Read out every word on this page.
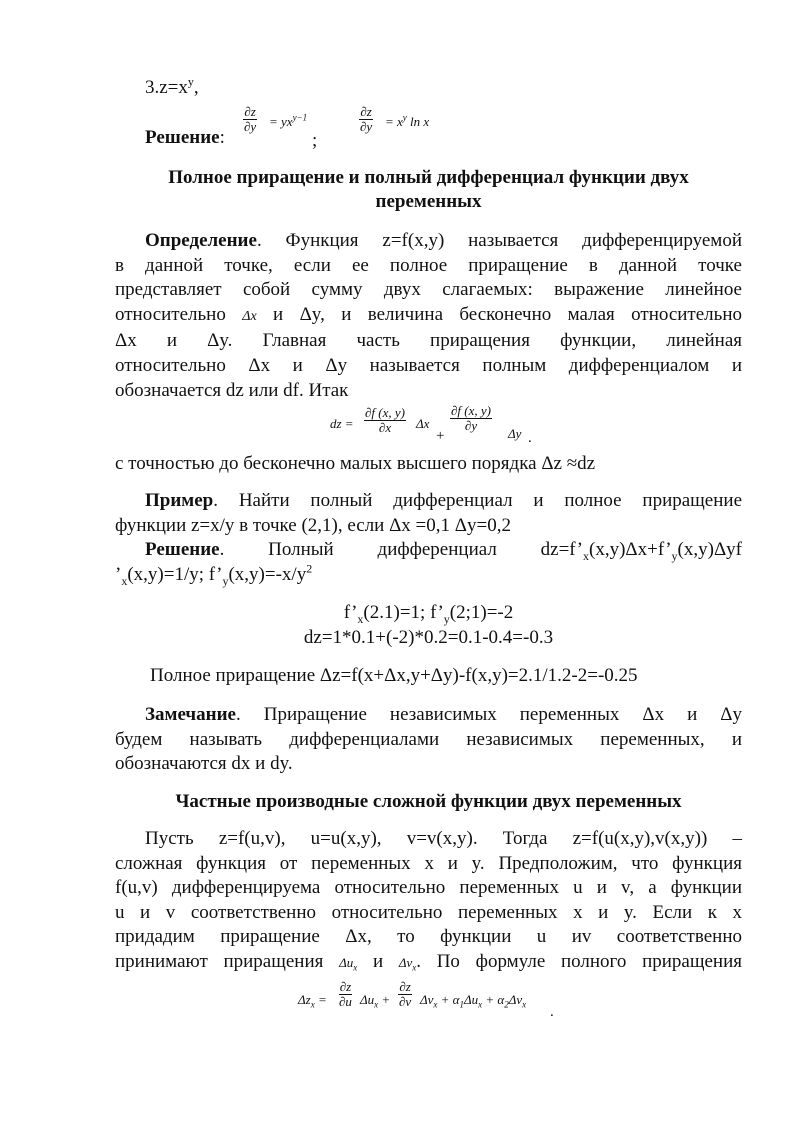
$3.z=x^y$,
Решение:
$\frac{\partial z}{\partial y} = yx^{y-1}$
;
$\frac{\partial z}{\partial y} = x^y$ ln x
Полное приращение и полный дифференциал функции двух
переменных
Определение. Функция z=f(x,y) называется дифференцируемой
в данной точке, если ее полное приращение в данной точке
представляет собой сумму двух слагаемых: выражение линейное
относительно Δx и Δy, и величина бесконечно малая относительно
Δx и Δy. Главная часть приращения функции, линейная
относительно Δx и Δy называется полным дифференциалом и
обозначается dz или df. Итак
dz = $\frac{\partial f (x, y)}{\partial x}$ Δx
+
$\frac{\partial f (x, y)}{\partial y}$
Δy .
с точностью до бесконечно малых высшего порядка Δz ≈dz
Пример. Найти полный дифференциал и полное приращение
функции z=x/y в точке (2,1), если Δx =0,1 Δy=0,2
Решение. Полный дифференциал $dz=f’_x(x,y)\Delta x+f’_y(x,y)\Delta yf$
$’_x(x,y)=1/y$; $f’_y(x,y)=-x/y^2$
$f’_x(2.1)=1$; $f’_y(2;1)=-2$
dz=1*0.1+(-2)*0.2=0.1-0.4=-0.3
Полное приращение Δz=f(x+Δx,y+Δy)-f(x,y)=2.1/1.2-2=-0.25
Замечание. Приращение независимых переменных Δx и Δy
будем называть дифференциалами независимых переменных, и
обозначаются dx и dy.
Частные производные сложной функции двух переменных
Пусть z=f(u,v), u=u(x,y), v=v(x,y). Тогда z=f(u(x,y),v(x,y)) –
сложная функция от переменных x и y. Предположим, что функция
f(u,v) дифференцируема относительно переменных u и v, а функции
u и v соответственно относительно переменных x и y. Если к x
придадим приращение Δx, то функции u иv соответственно
принимают приращения $\Delta u_x$ и $\Delta v_x$. По формуле полного приращения
$\Delta z_x = \frac{\partial z}{\partial u} \Delta u_x + \frac{\partial z}{\partial v} \Delta v_x + \alpha_1\Delta u_x + \alpha_2\Delta v_x$ .
